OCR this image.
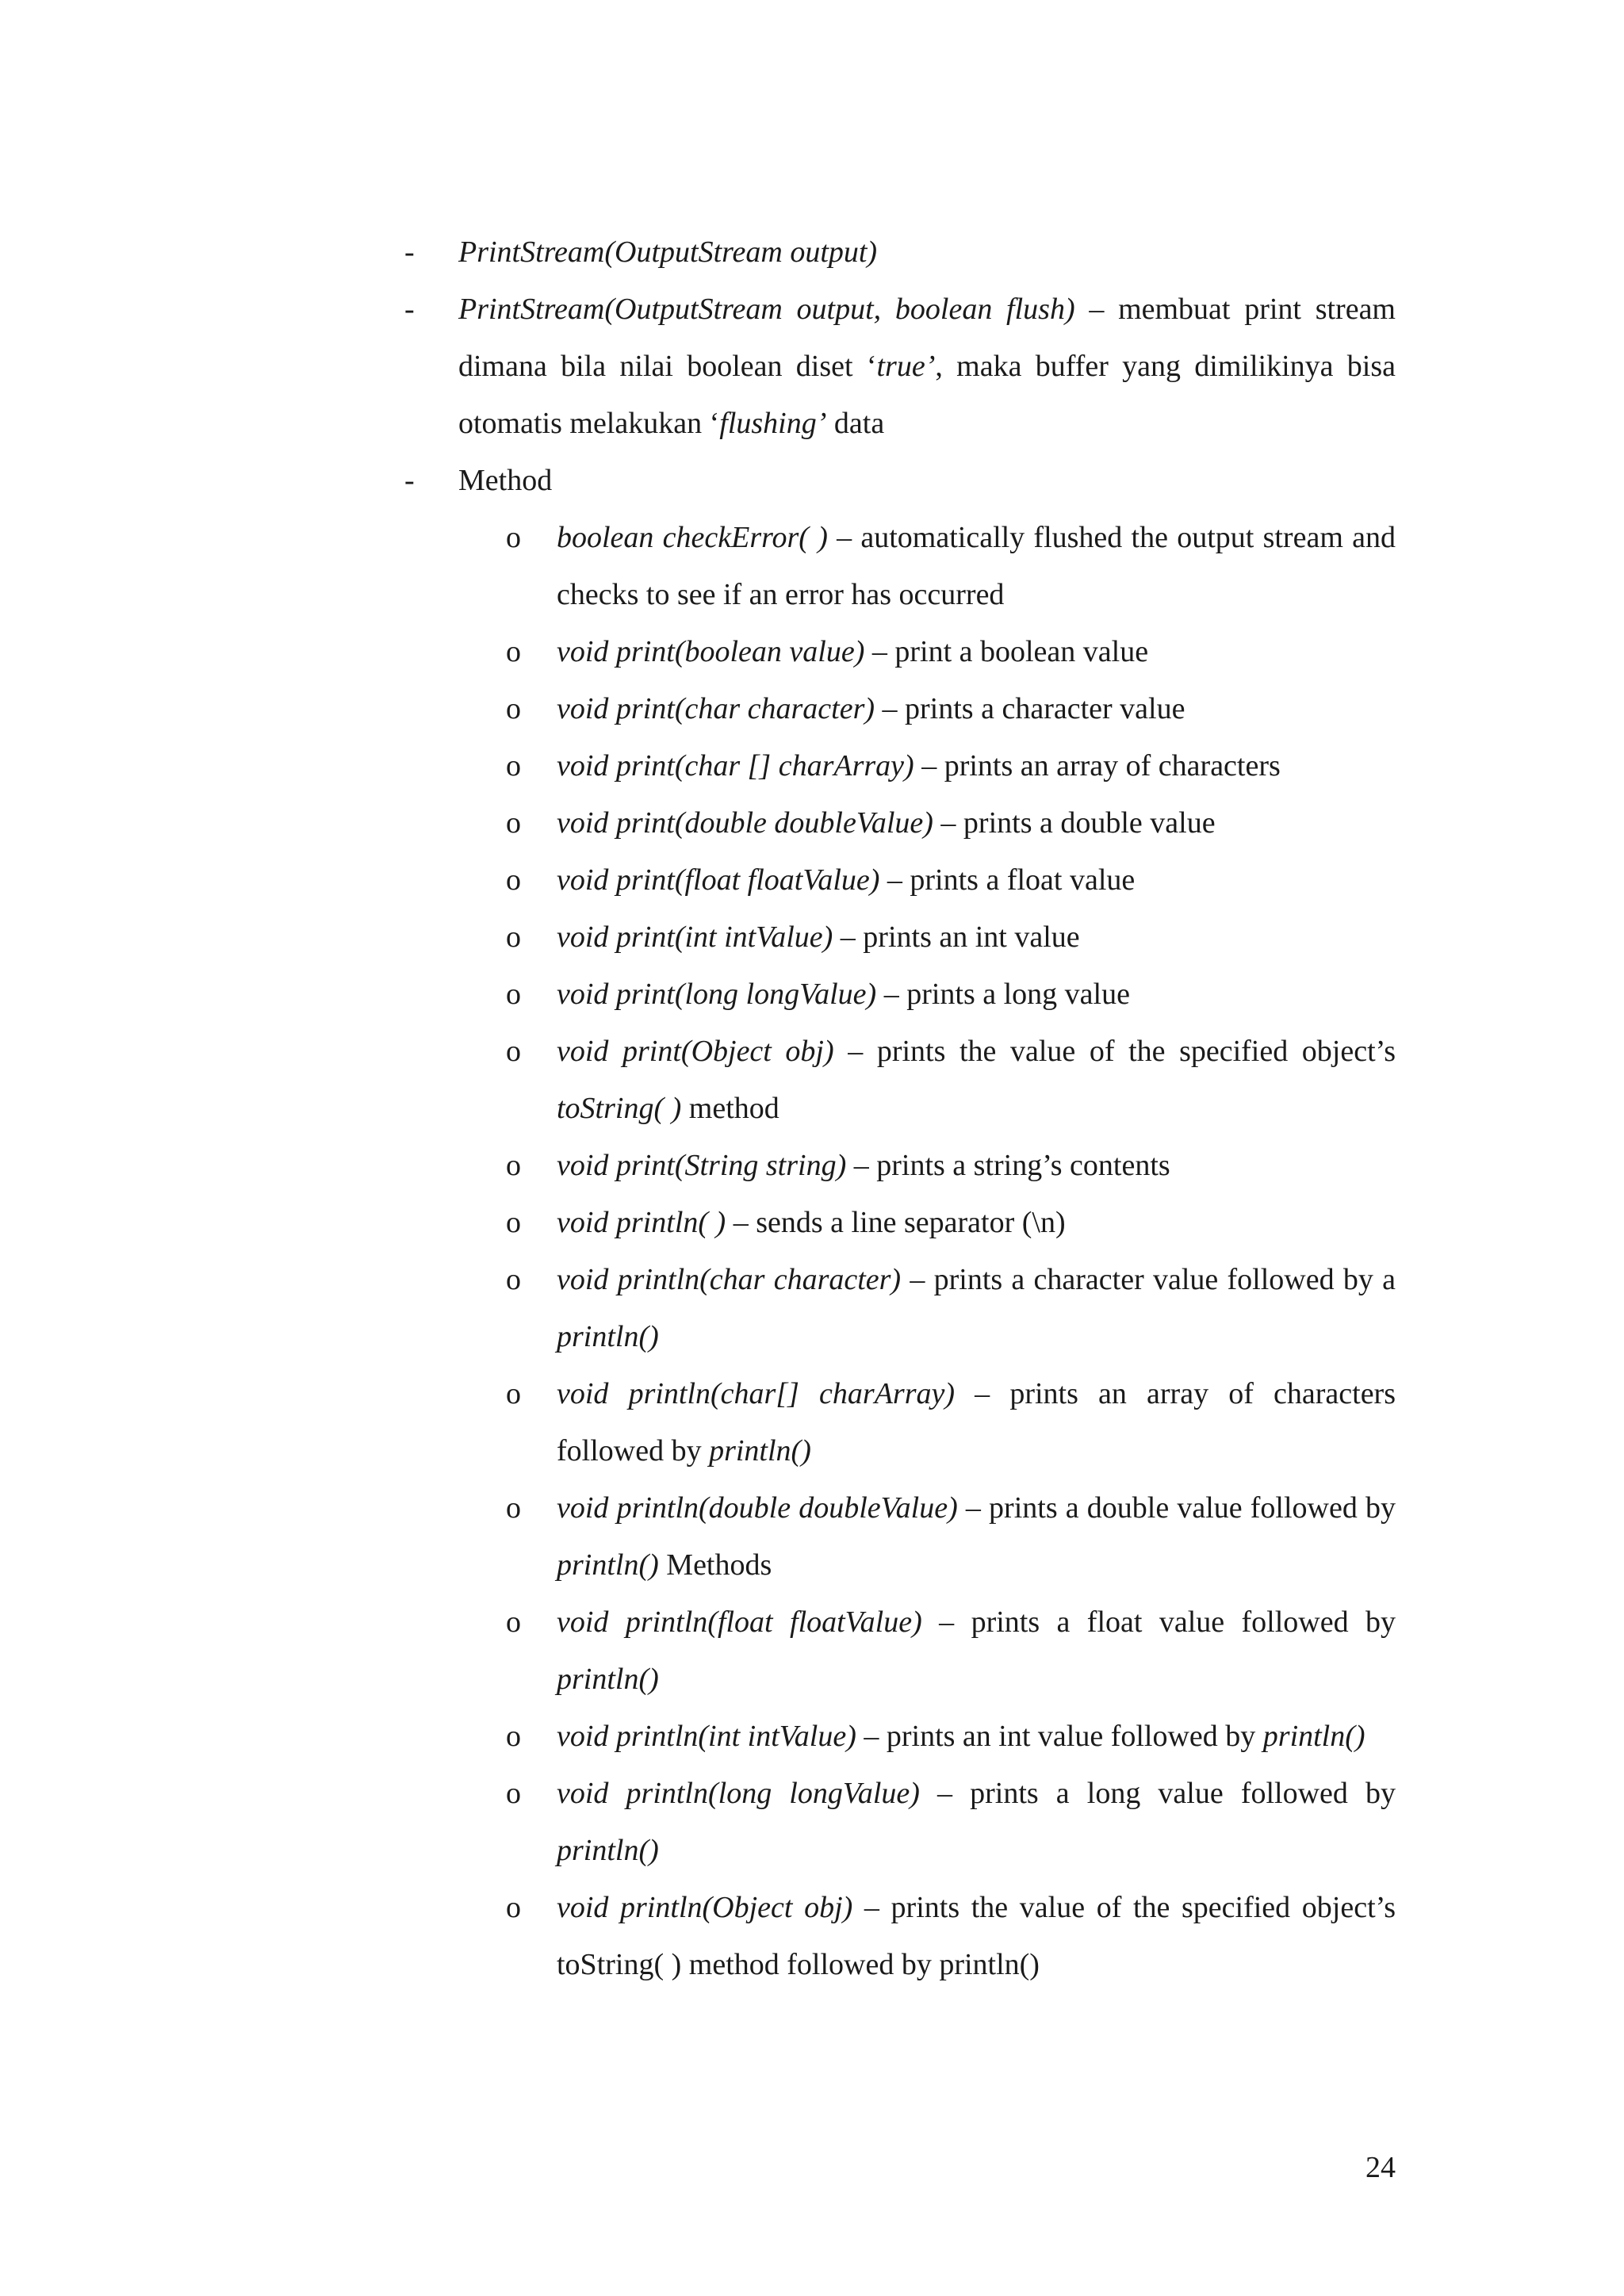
- PrintStream(OutputStream output)
- PrintStream(OutputStream output, boolean flush) – membuat print stream dimana bila nilai boolean diset ‘true’, maka buffer yang dimilikinya bisa otomatis melakukan ‘flushing’ data
- Method
o boolean checkError( ) – automatically flushed the output stream and checks to see if an error has occurred
o void print(boolean value) – print a boolean value
o void print(char character) – prints a character value
o void print(char [] charArray) – prints an array of characters
o void print(double doubleValue) – prints a double value
o void print(float floatValue) – prints a float value
o void print(int intValue) – prints an int value
o void print(long longValue) – prints a long value
o void print(Object obj) – prints the value of the specified object’s toString( ) method
o void print(String string) – prints a string’s contents
o void println( ) – sends a line separator (\n)
o void println(char character) – prints a character value followed by a println()
o void println(char[] charArray) – prints an array of characters followed by println()
o void println(double doubleValue) – prints a double value followed by println() Methods
o void println(float floatValue) – prints a float value followed by println()
o void println(int intValue) – prints an int value followed by println()
o void println(long longValue) – prints a long value followed by println()
o void println(Object obj) – prints the value of the specified object’s toString( ) method followed by println()
24
